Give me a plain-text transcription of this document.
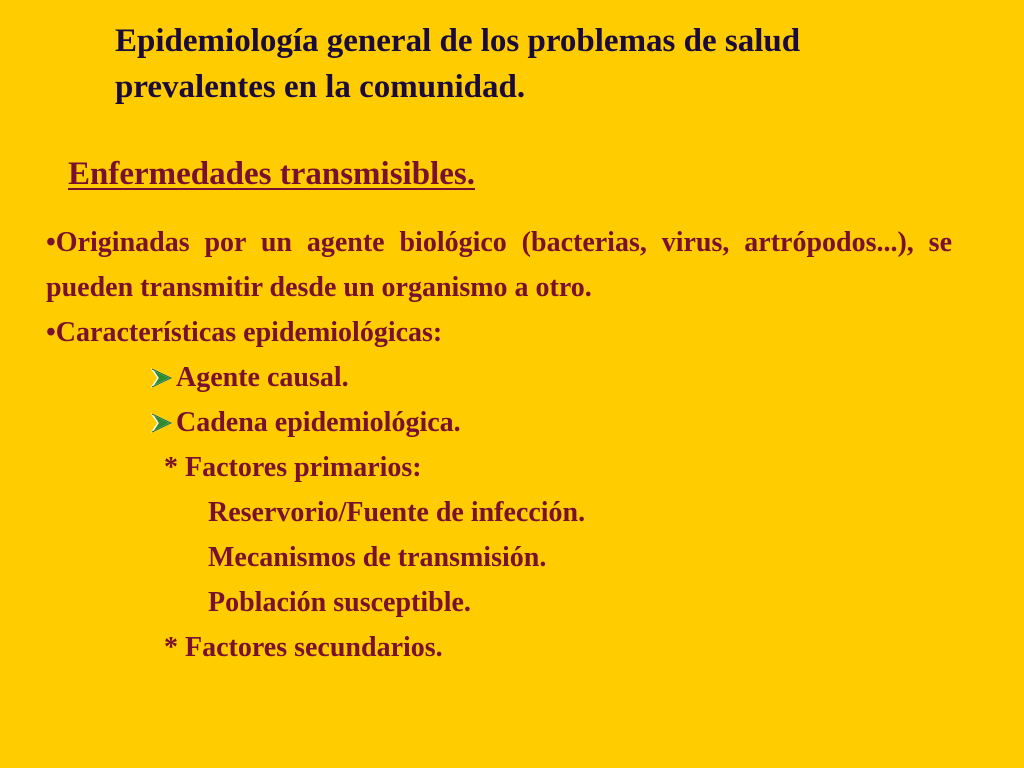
Epidemiología general de los problemas de salud
prevalentes en la comunidad.
Enfermedades transmisibles.

•Originadas por un agente biológico (bacterias, virus, artrópodos...), se pueden transmitir desde un organismo a otro.

•Características epidemiológicas:
Agente causal.
Cadena epidemiológica.
* Factores primarios:
Reservorio/Fuente de infección.
Mecanismos de transmisión.
Población susceptible.
* Factores secundarios.
